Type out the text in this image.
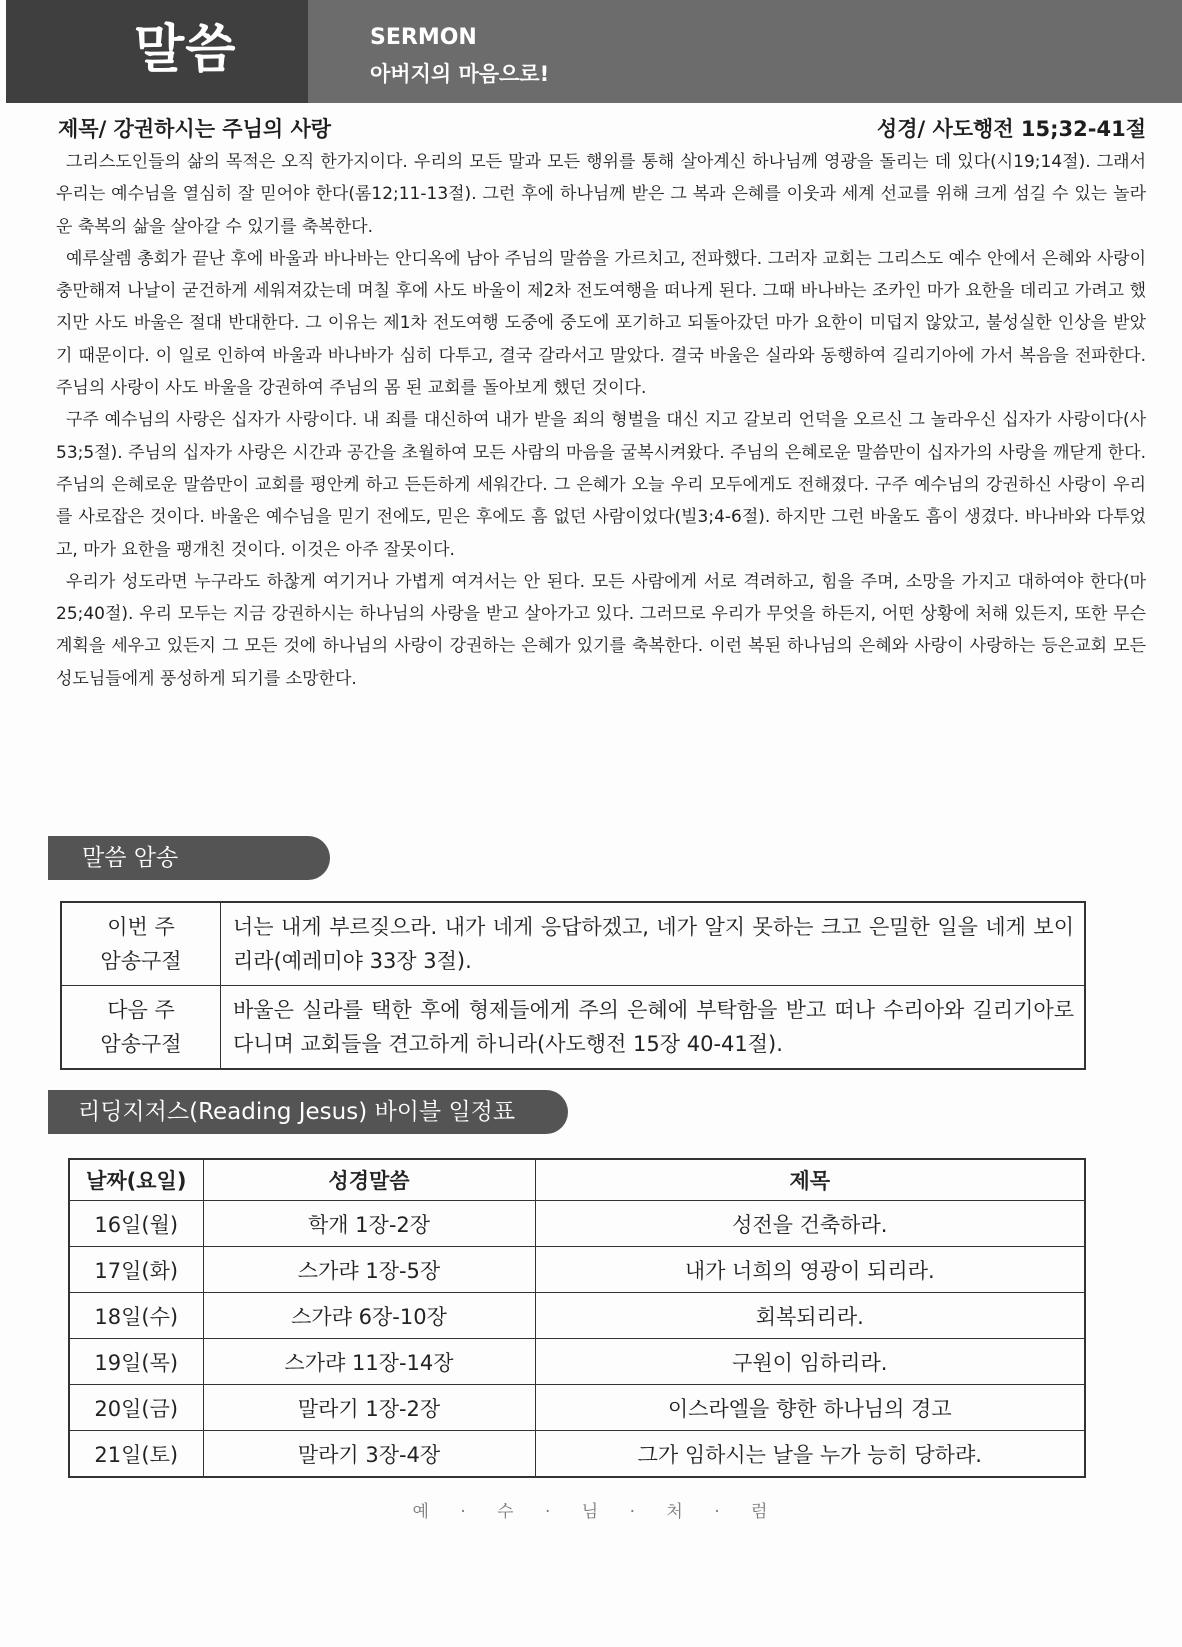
말씀	SERMON
아버지의 마음으로!
제목/ 강권하시는 주님의 사랑	성경/ 사도행전 15;32-41절

그리스도인들의 삶의 목적은 오직 한가지이다. 우리의 모든 말과 모든 행위를 통해 살아계신 하나님께 영광을 돌리는 데 있다(시19;14절). 그래서 우리는 예수님을 열심히 잘 믿어야 한다(롬12;11-13절). 그런 후에 하나님께 받은 그 복과 은혜를 이웃과 세계 선교를 위해 크게 섬길 수 있는 놀라운 축복의 삶을 살아갈 수 있기를 축복한다.

예루살렘 총회가 끝난 후에 바울과 바나바는 안디옥에 남아 주님의 말씀을 가르치고, 전파했다. 그러자 교회는 그리스도 예수 안에서 은혜와 사랑이 충만해져 나날이 굳건하게 세워져갔는데 며칠 후에 사도 바울이 제2차 전도여행을 떠나게 된다. 그때 바나바는 조카인 마가 요한을 데리고 가려고 했지만 사도 바울은 절대 반대한다. 그 이유는 제1차 전도여행 도중에 중도에 포기하고 되돌아갔던 마가 요한이 미덥지 않았고, 불성실한 인상을 받았기 때문이다. 이 일로 인하여 바울과 바나바가 심히 다투고, 결국 갈라서고 말았다. 결국 바울은 실라와 동행하여 길리기아에 가서 복음을 전파한다. 주님의 사랑이 사도 바울을 강권하여 주님의 몸 된 교회를 돌아보게 했던 것이다.

구주 예수님의 사랑은 십자가 사랑이다. 내 죄를 대신하여 내가 받을 죄의 형벌을 대신 지고 갈보리 언덕을 오르신 그 놀라우신 십자가 사랑이다(사53;5절). 주님의 십자가 사랑은 시간과 공간을 초월하여 모든 사람의 마음을 굴복시켜왔다. 주님의 은혜로운 말씀만이 십자가의 사랑을 깨닫게 한다. 주님의 은혜로운 말씀만이 교회를 평안케 하고 든든하게 세워간다. 그 은혜가 오늘 우리 모두에게도 전해졌다. 구주 예수님의 강권하신 사랑이 우리를 사로잡은 것이다. 바울은 예수님을 믿기 전에도, 믿은 후에도 흠 없던 사람이었다(빌3;4-6절). 하지만 그런 바울도 흠이 생겼다. 바나바와 다투었고, 마가 요한을 팽개친 것이다. 이것은 아주 잘못이다.

우리가 성도라면 누구라도 하찮게 여기거나 가볍게 여겨서는 안 된다. 모든 사람에게 서로 격려하고, 힘을 주며, 소망을 가지고 대하여야 한다(마25;40절). 우리 모두는 지금 강권하시는 하나님의 사랑을 받고 살아가고 있다. 그러므로 우리가 무엇을 하든지, 어떤 상황에 처해 있든지, 또한 무슨 계획을 세우고 있든지 그 모든 것에 하나님의 사랑이 강권하는 은혜가 있기를 축복한다. 이런 복된 하나님의 은혜와 사랑이 사랑하는 등은교회 모든 성도님들에게 풍성하게 되기를 소망한다.

말씀 암송
이번 주
암송구절	너는 내게 부르짖으라. 내가 네게 응답하겠고, 네가 알지 못하는 크고 은밀한 일을 네게 보이리라(예레미야 33장 3절).
다음 주
암송구절	바울은 실라를 택한 후에 형제들에게 주의 은혜에 부탁함을 받고 떠나 수리아와 길리기아로 다니며 교회들을 견고하게 하니라(사도행전 15장 40-41절).
리딩지저스(Reading Jesus) 바이블 일정표
날짜(요일)	성경말씀	제목
16일(월)	학개 1장-2장	성전을 건축하라.
17일(화)	스가랴 1장-5장	내가 너희의 영광이 되리라.
18일(수)	스가랴 6장-10장	회복되리라.
19일(목)	스가랴 11장-14장	구원이 임하리라.
20일(금)	말라기 1장-2장	이스라엘을 향한 하나님의 경고
21일(토)	말라기 3장-4장	그가 임하시는 날을 누가 능히 당하랴.
예 · 수 · 님 · 처 · 럼
